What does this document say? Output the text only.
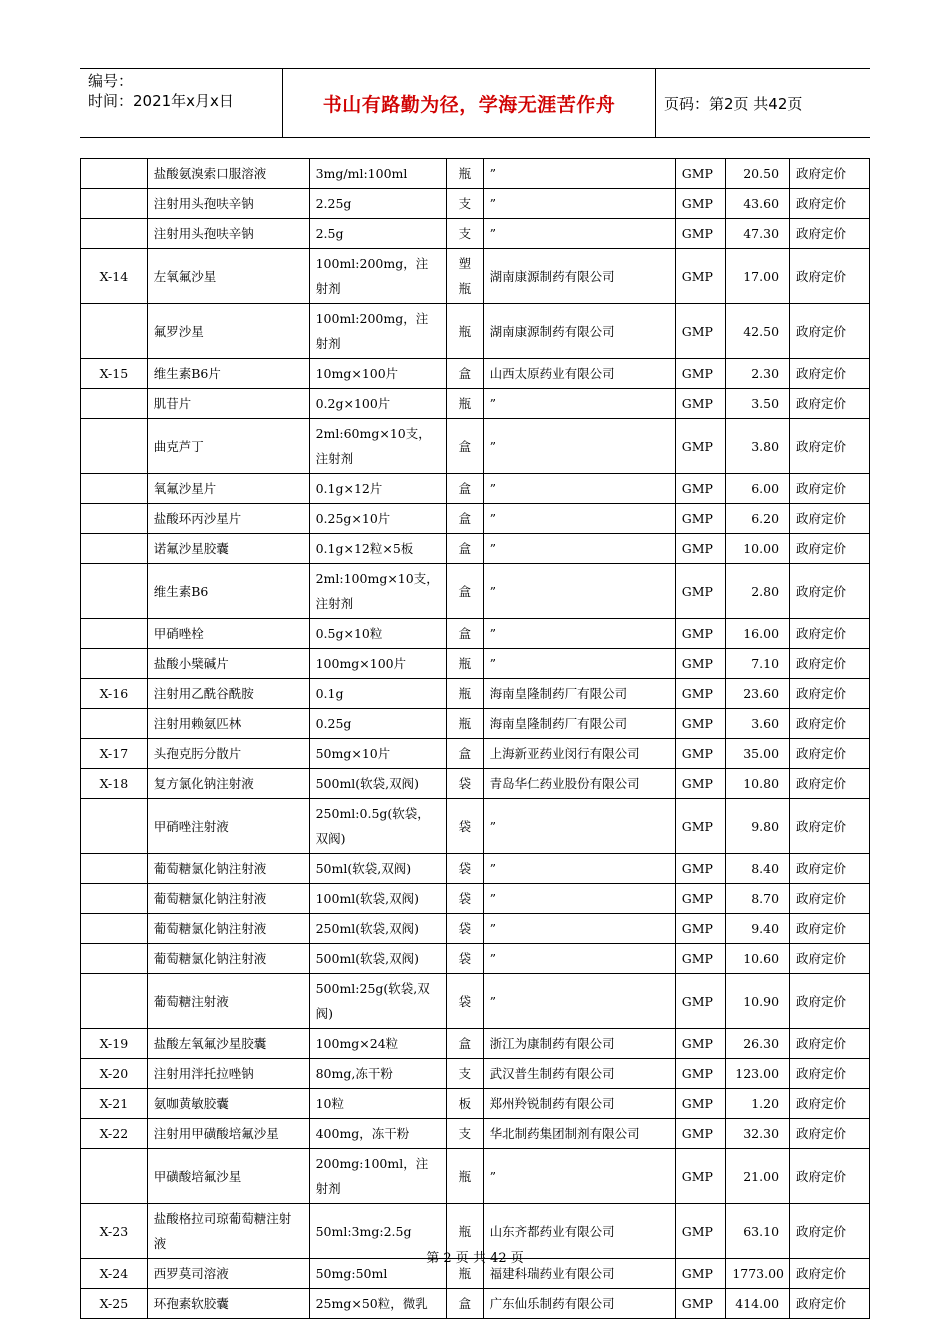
编号：
时间：2021年x月x日	书山有路勤为径，学海无涯苦作舟	页码：第2页 共42页
	盐酸氨溴索口服溶液	3mg/ml:100ml	瓶	”	GMP	20.50	政府定价
	注射用头孢呋辛钠	2.25g	支	”	GMP	43.60	政府定价
	注射用头孢呋辛钠	2.5g	支	”	GMP	47.30	政府定价
X-14	左氧氟沙星	100ml:200mg，注射剂	塑瓶	湖南康源制药有限公司	GMP	17.00	政府定价
	氟罗沙星	100ml:200mg，注射剂	瓶	湖南康源制药有限公司	GMP	42.50	政府定价
X-15	维生素B6片	10mg×100片	盒	山西太原药业有限公司	GMP	2.30	政府定价
	肌苷片	0.2g×100片	瓶	”	GMP	3.50	政府定价
	曲克芦丁	2ml:60mg×10支，注射剂	盒	”	GMP	3.80	政府定价
	氧氟沙星片	0.1g×12片	盒	”	GMP	6.00	政府定价
	盐酸环丙沙星片	0.25g×10片	盒	”	GMP	6.20	政府定价
	诺氟沙星胶囊	0.1g×12粒×5板	盒	”	GMP	10.00	政府定价
	维生素B6	2ml:100mg×10支，注射剂	盒	”	GMP	2.80	政府定价
	甲硝唑栓	0.5g×10粒	盒	”	GMP	16.00	政府定价
	盐酸小檗碱片	100mg×100片	瓶	”	GMP	7.10	政府定价
X-16	注射用乙酰谷酰胺	0.1g	瓶	海南皇隆制药厂有限公司	GMP	23.60	政府定价
	注射用赖氨匹林	0.25g	瓶	海南皇隆制药厂有限公司	GMP	3.60	政府定价
X-17	头孢克肟分散片	50mg×10片	盒	上海新亚药业闵行有限公司	GMP	35.00	政府定价
X-18	复方氯化钠注射液	500ml(软袋,双阀)	袋	青岛华仁药业股份有限公司	GMP	10.80	政府定价
	甲硝唑注射液	250ml:0.5g(软袋，双阀)	袋	”	GMP	9.80	政府定价
	葡萄糖氯化钠注射液	50ml(软袋,双阀)	袋	”	GMP	8.40	政府定价
	葡萄糖氯化钠注射液	100ml(软袋,双阀)	袋	”	GMP	8.70	政府定价
	葡萄糖氯化钠注射液	250ml(软袋,双阀)	袋	”	GMP	9.40	政府定价
	葡萄糖氯化钠注射液	500ml(软袋,双阀)	袋	”	GMP	10.60	政府定价
	葡萄糖注射液	500ml:25g(软袋,双阀)	袋	”	GMP	10.90	政府定价
X-19	盐酸左氧氟沙星胶囊	100mg×24粒	盒	浙江为康制药有限公司	GMP	26.30	政府定价
X-20	注射用泮托拉唑钠	80mg,冻干粉	支	武汉普生制药有限公司	GMP	123.00	政府定价
X-21	氨咖黄敏胶囊	10粒	板	郑州羚锐制药有限公司	GMP	1.20	政府定价
X-22	注射用甲磺酸培氟沙星	400mg，冻干粉	支	华北制药集团制剂有限公司	GMP	32.30	政府定价
	甲磺酸培氟沙星	200mg:100ml，注射剂	瓶	”	GMP	21.00	政府定价
X-23	盐酸格拉司琼葡萄糖注射液	50ml:3mg:2.5g	瓶	山东齐都药业有限公司	GMP	63.10	政府定价
X-24	西罗莫司溶液	50mg:50ml	瓶	福建科瑞药业有限公司	GMP	1773.00	政府定价
X-25	环孢素软胶囊	25mg×50粒，微乳	盒	广东仙乐制药有限公司	GMP	414.00	政府定价
第 2 页 共 42 页
